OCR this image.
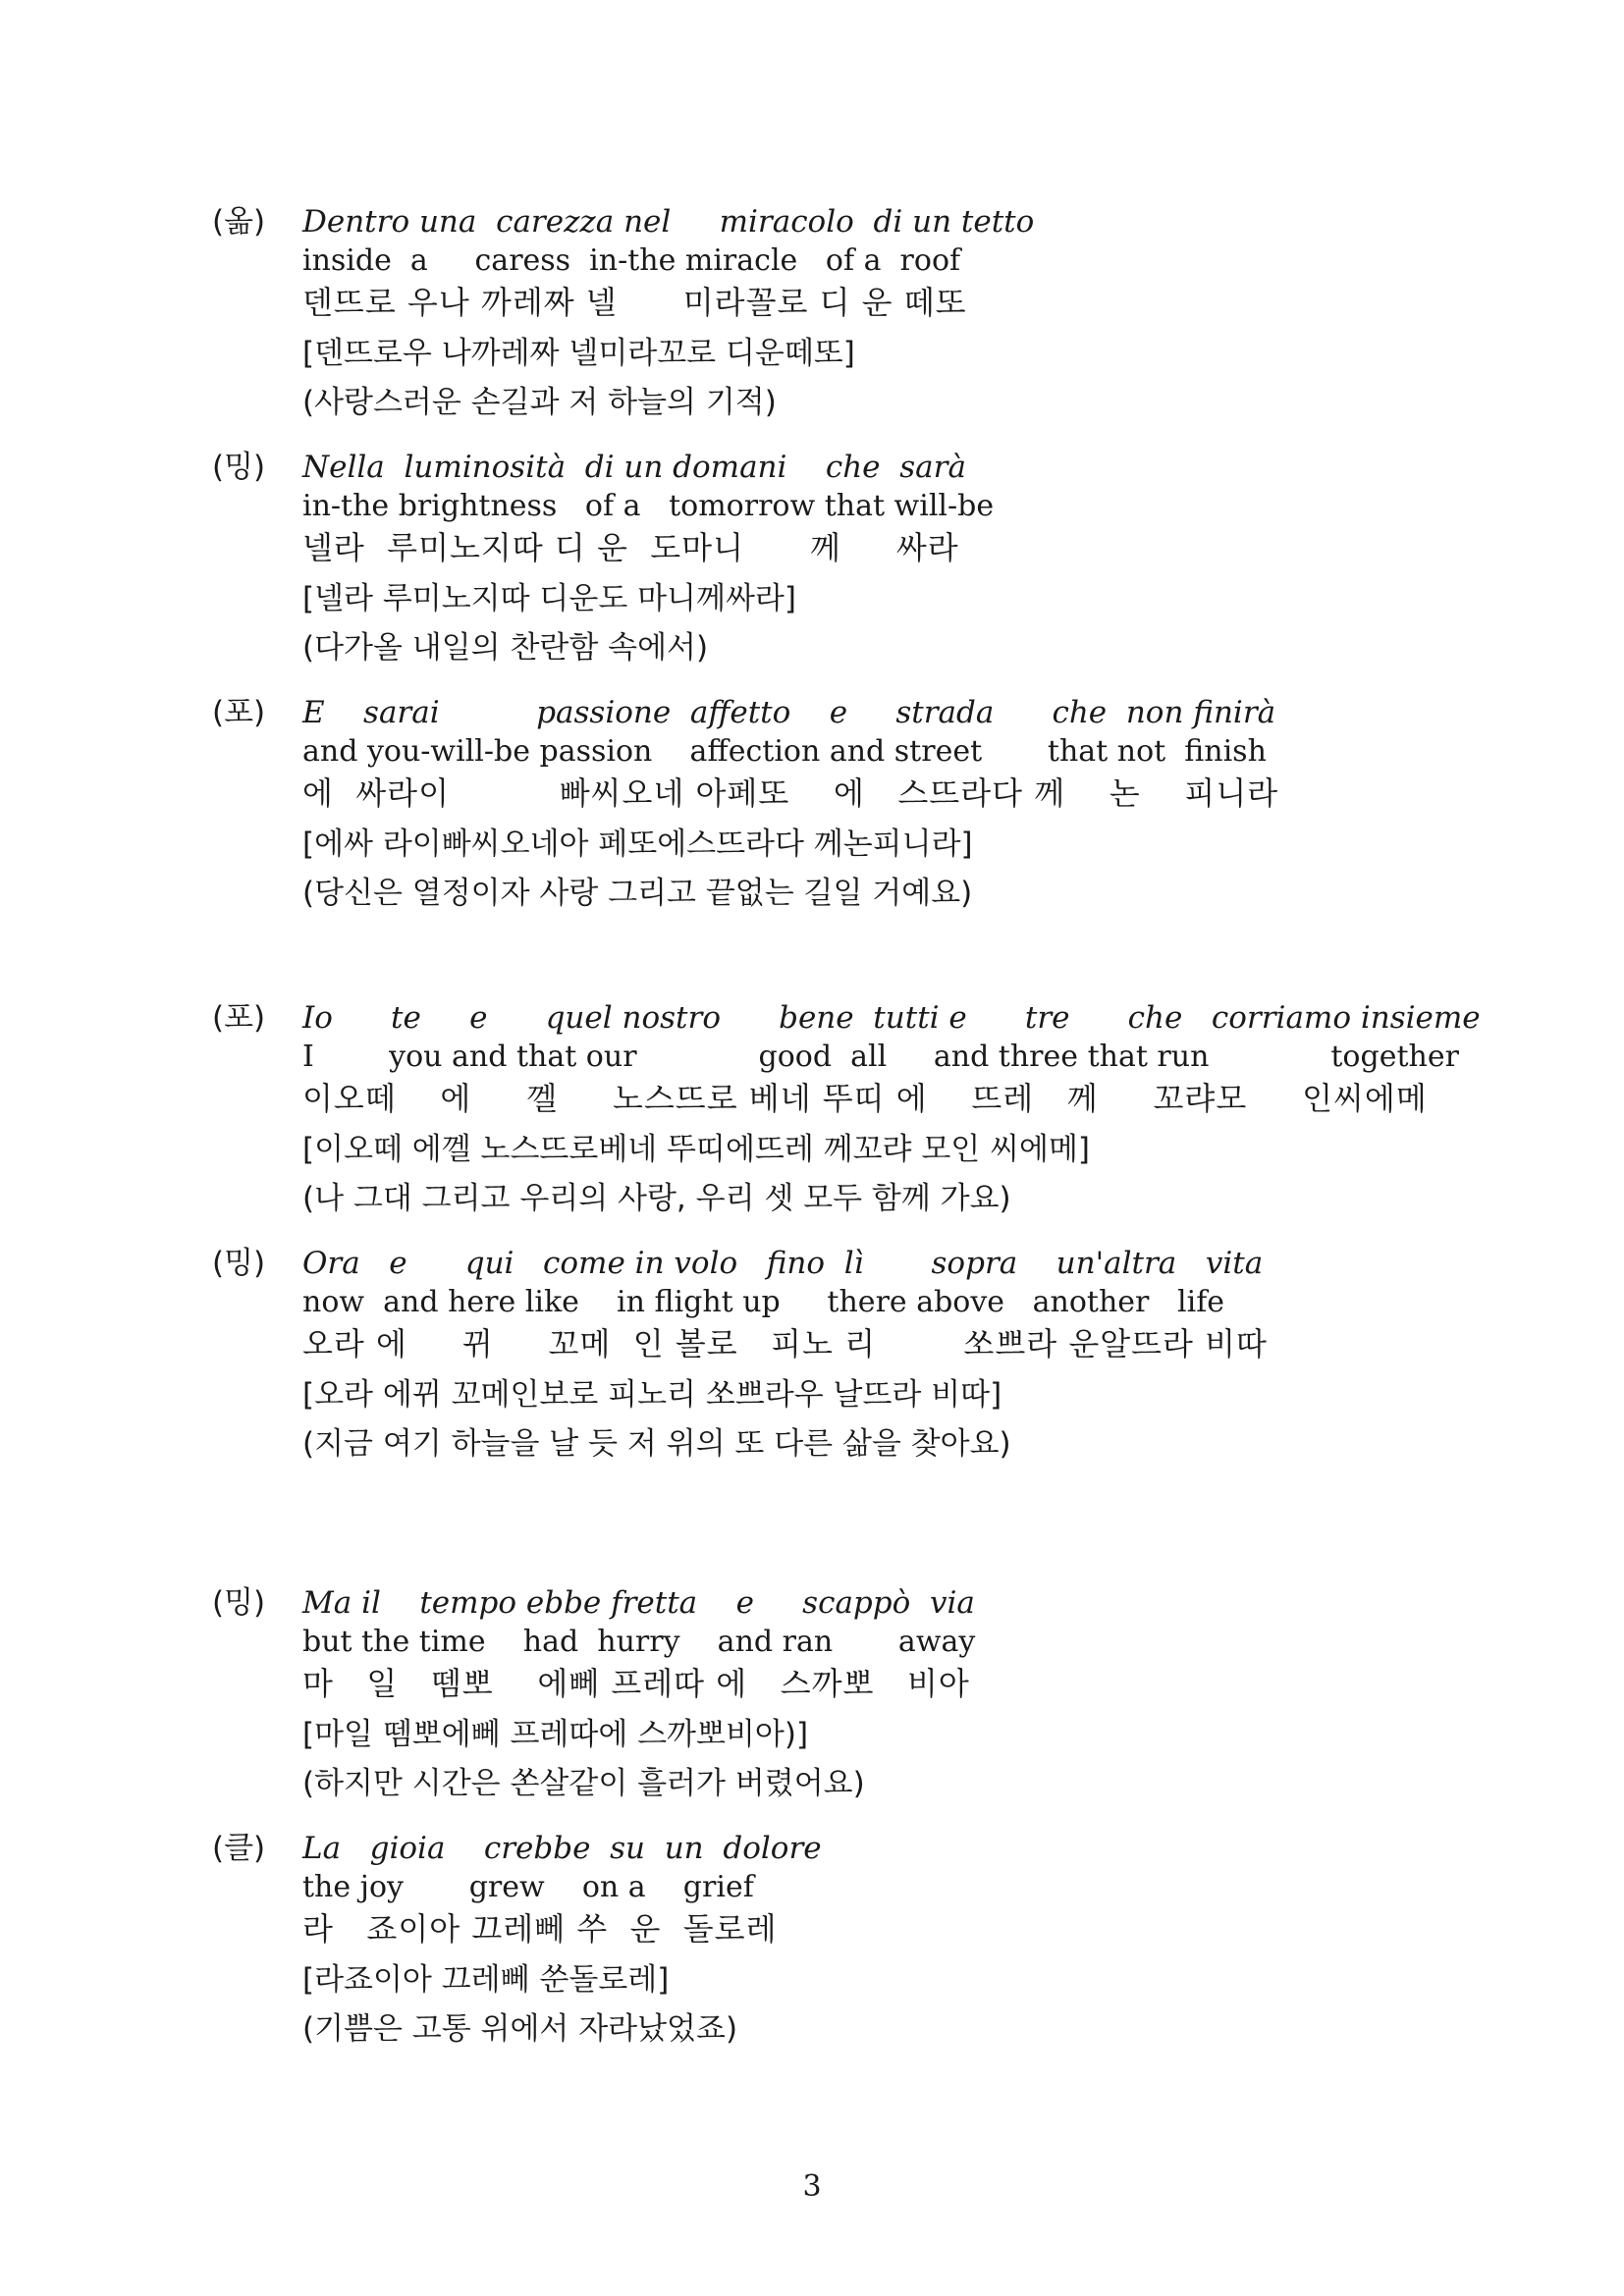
(옮) Dentro una  carezza nel     miracolo  di un tetto
inside  a     caress  in-the miracle   of a  roof
덴뜨로 우나 까레짜 넬      미라꼴로 디 운 떼또
[덴뜨로우 나까레짜 넬미라꼬로 디운떼또]
(사랑스러운 손길과 저 하늘의 기적)
(밍) Nella  luminosità  di un domani    che  sarà
in-the brightness   of a   tomorrow that will-be
넬라  루미노지따 디 운  도마니      께     싸라
[넬라 루미노지따 디운도 마니께싸라]
(다가올 내일의 찬란함 속에서)
(포) E    sarai          passione  affetto    e     strada      che  non finirà
and you-will-be passion    affection and street       that not  finish
에  싸라이          빠씨오네 아페또    에   스뜨라다 께    논    피니라
[에싸 라이빠씨오네아 페또에스뜨라다 께논피니라]
(당신은 열정이자 사랑 그리고 끝없는 길일 거예요)
(포) Io      te     e      quel nostro      bene  tutti e      tre      che   corriamo insieme
I        you and that our             good  all     and three that run             together
이오떼    에     껠     노스뜨로 베네 뚜띠 에    뜨레   께     꼬랴모     인씨에메
[이오떼 에껠 노스뜨로베네 뚜띠에뜨레 께꼬랴 모인 씨에메]
(나 그대 그리고 우리의 사랑, 우리 셋 모두 함께 가요)
(밍) Ora   e      qui   come in volo   fino  lì       sopra    un'altra   vita
now  and here like    in flight up     there above   another   life
오라 에     뀌     꼬메  인 볼로   피노 리        쏘쁘라 운알뜨라 비따
[오라 에뀌 꼬메인보로 피노리 쏘쁘라우 날뜨라 비따]
(지금 여기 하늘을 날 듯 저 위의 또 다른 삶을 찾아요)
(밍) Ma il    tempo ebbe fretta    e     scappò  via
but the time    had  hurry    and ran       away
마   일   뗌뽀    에뻬 프레따 에   스까뽀   비아
[마일 뗌뽀에뻬 프레따에 스까뽀비아)]
(하지만 시간은 쏜살같이 흘러가 버렸어요)
(클) La   gioia    crebbe  su  un  dolore
the joy       grew    on a    grief
라   죠이아 끄레뻬 쑤  운  돌로레
[라죠이아 끄레뻬 쑨돌로레]
(기쁨은 고통 위에서 자라났었죠)
3
